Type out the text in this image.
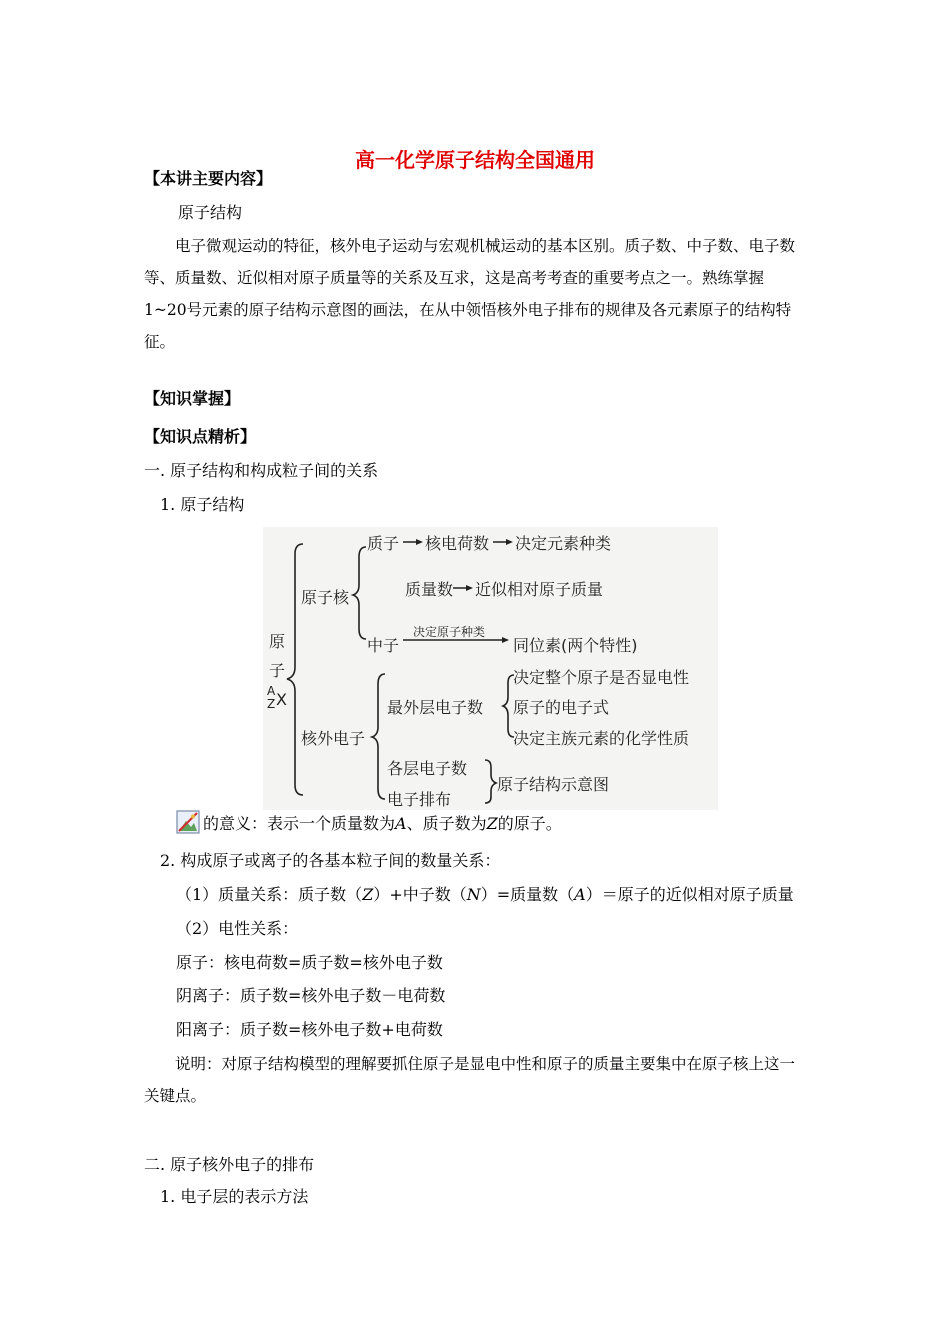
高一化学原子结构全国通用
【本讲主要内容】
原子结构
电子微观运动的特征，核外电子运动与宏观机械运动的基本区别。质子数、中子数、电子数等、质量数、近似相对原子质量等的关系及互求，这是高考考查的重要考点之一。熟练掌握1~20号元素的原子结构示意图的画法，在从中领悟核外电子排布的规律及各元素原子的结构特征。
【知识掌握】
【知识点精析】
一. 原子结构和构成粒子间的关系
1. 原子结构
原
子
A
Z X
原子核
质子 核电荷数 决定元素种类
质量数 近似相对原子质量
中子
决定原子种类
同位素(两个特性)
核外电子
最外层电子数
决定整个原子是否显电性
原子的电子式
决定主族元素的化学性质
各层电子数
电子排布
原子结构示意图
的意义：表示一个质量数为A、质子数为Z的原子。
2. 构成原子或离子的各基本粒子间的数量关系：
（1）质量关系：质子数（Z）+中子数（N）=质量数（A）＝原子的近似相对原子质量
（2）电性关系：
原子：核电荷数=质子数=核外电子数
阴离子：质子数=核外电子数－电荷数
阳离子：质子数=核外电子数+电荷数
说明：对原子结构模型的理解要抓住原子是显电中性和原子的质量主要集中在原子核上这一关键点。
二. 原子核外电子的排布
1. 电子层的表示方法
